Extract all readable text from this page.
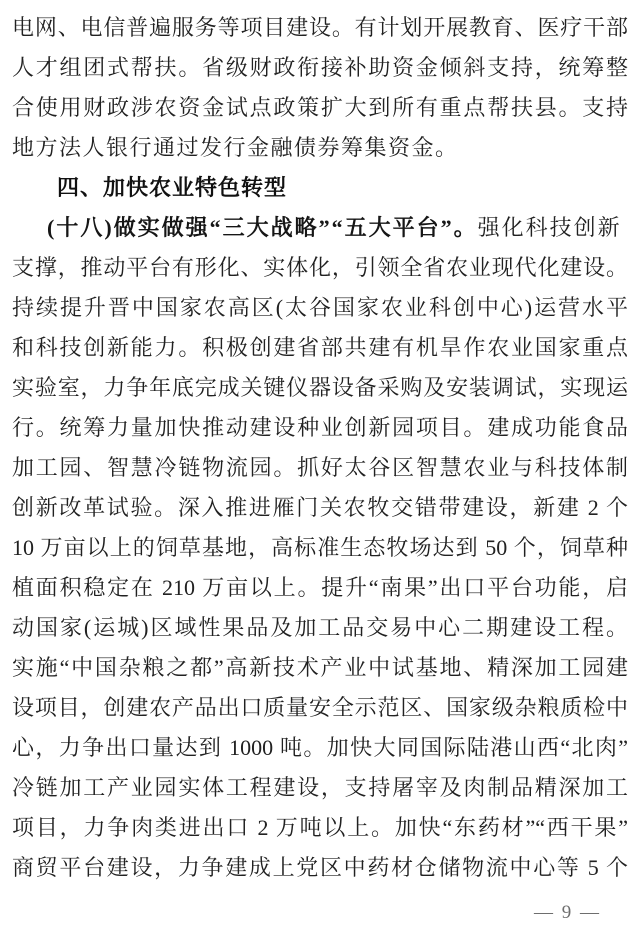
电网、电信普遍服务等项目建设。有计划开展教育、医疗干部
人才组团式帮扶。省级财政衔接补助资金倾斜支持，统筹整
合使用财政涉农资金试点政策扩大到所有重点帮扶县。支持
地方法人银行通过发行金融债券筹集资金。
四、加快农业特色转型
(十八)做实做强“三大战略”“五大平台”。强化科技创新
支撑，推动平台有形化、实体化，引领全省农业现代化建设。
持续提升晋中国家农高区(太谷国家农业科创中心)运营水平
和科技创新能力。积极创建省部共建有机旱作农业国家重点
实验室，力争年底完成关键仪器设备采购及安装调试，实现运
行。统筹力量加快推动建设种业创新园项目。建成功能食品
加工园、智慧冷链物流园。抓好太谷区智慧农业与科技体制
创新改革试验。深入推进雁门关农牧交错带建设，新建 2 个
10 万亩以上的饲草基地，高标准生态牧场达到 50 个，饲草种
植面积稳定在 210 万亩以上。提升“南果”出口平台功能，启
动国家(运城)区域性果品及加工品交易中心二期建设工程。
实施“中国杂粮之都”高新技术产业中试基地、精深加工园建
设项目，创建农产品出口质量安全示范区、国家级杂粮质检中
心，力争出口量达到 1000 吨。加快大同国际陆港山西“北肉”
冷链加工产业园实体工程建设，支持屠宰及肉制品精深加工
项目，力争肉类进出口 2 万吨以上。加快“东药材”“西干果”
商贸平台建设，力争建成上党区中药材仓储物流中心等 5 个
— 9 —
